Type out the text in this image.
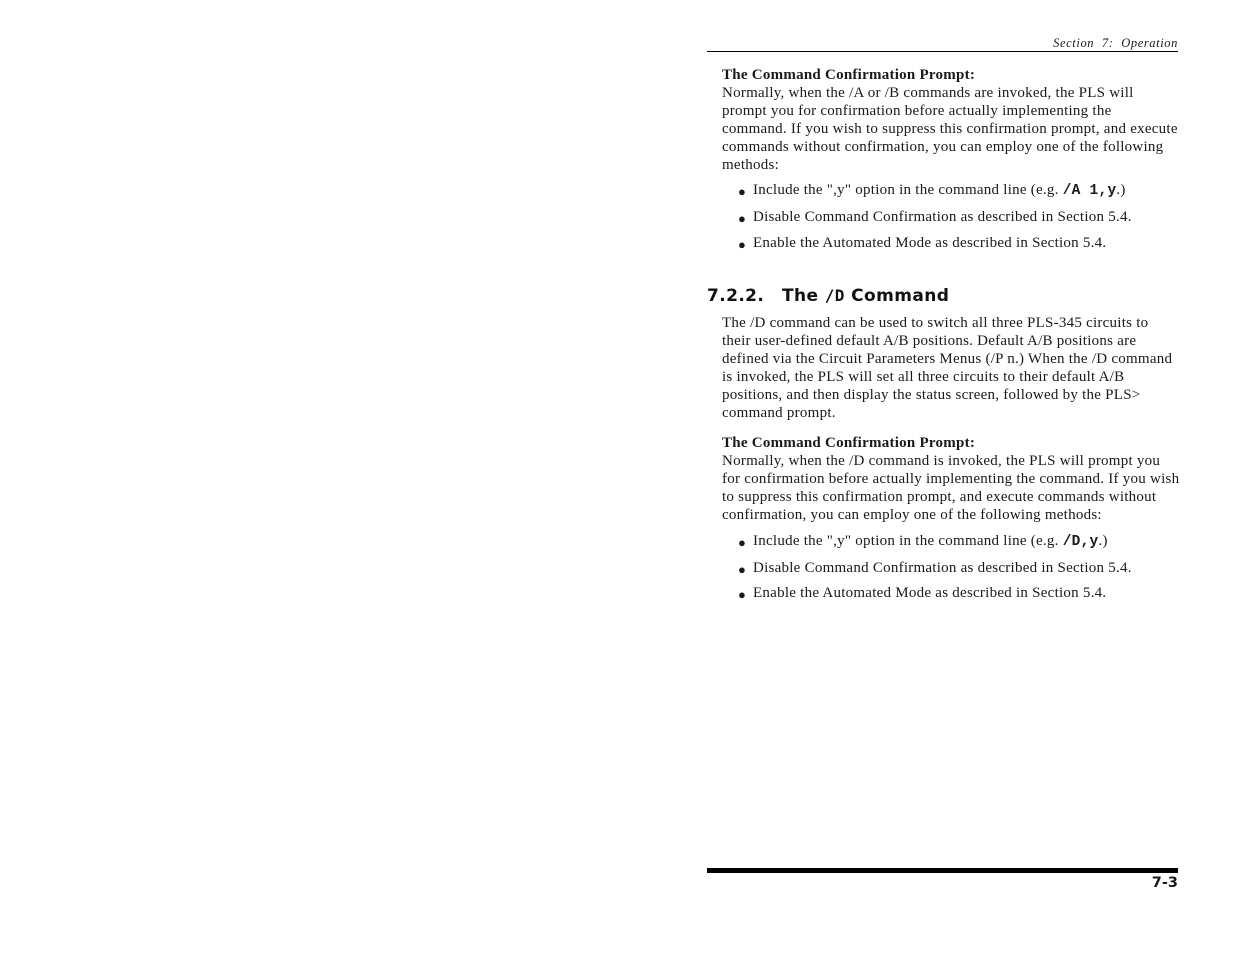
Section 7: Operation
The Command Confirmation Prompt:

Normally, when the /A or /B commands are invoked, the PLS will prompt you for confirmation before actually implementing the command. If you wish to suppress this confirmation prompt, and execute commands without confirmation, you can employ one of the following methods:

● Include the ",y" option in the command line (e.g. /A 1,y.)
● Disable Command Confirmation as described in Section 5.4.
● Enable the Automated Mode as described in Section 5.4.
7.2.2. The /D Command

The /D command can be used to switch all three PLS-345 circuits to their user-defined default A/B positions. Default A/B positions are defined via the Circuit Parameters Menus (/P n.) When the /D command is invoked, the PLS will set all three circuits to their default A/B positions, and then display the status screen, followed by the PLS> command prompt.

The Command Confirmation Prompt:

Normally, when the /D command is invoked, the PLS will prompt you for confirmation before actually implementing the command. If you wish to suppress this confirmation prompt, and execute commands without confirmation, you can employ one of the following methods:

● Include the ",y" option in the command line (e.g. /D,y.)
● Disable Command Confirmation as described in Section 5.4.
● Enable the Automated Mode as described in Section 5.4.
7-3
